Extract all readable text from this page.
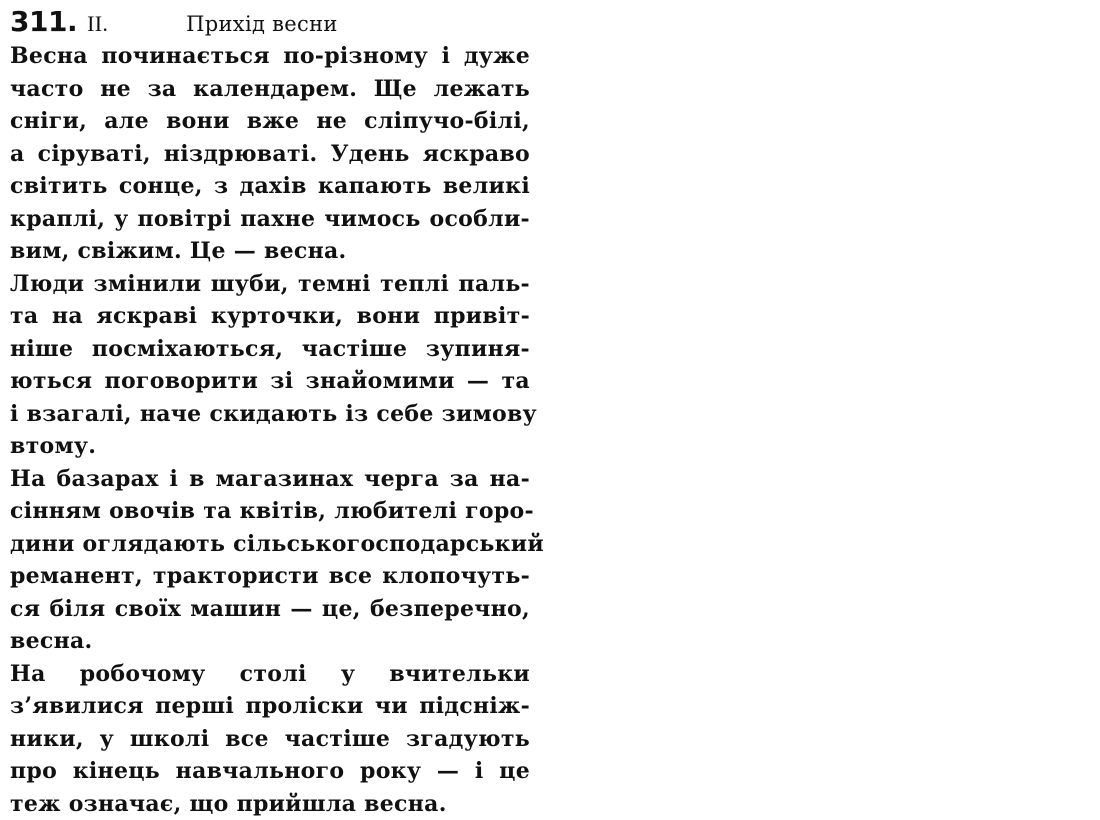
311. II.	Прихід весни
Весна починається по-різному і дуже
часто не за календарем. Ще лежать
сніги, але вони вже не сліпучо-білі,
а сіруваті, ніздрюваті. Удень яскраво
світить сонце, з дахів капають великі
краплі, у повітрі пахне чимось особли-
вим, свіжим. Це — весна.
Люди змінили шуби, темні теплі паль-
та на яскраві курточки, вони привіт-
ніше посміхаються, частіше зупиня-
ються поговорити зі знайомими — та
і взагалі, наче скидають із себе зимову
втому.
На базарах і в магазинах черга за на-
сінням овочів та квітів, любителі горо-
дини оглядають сільськогосподарський
реманент, трактористи все клопочуть-
ся біля своїх машин — це, безперечно,
весна.
На робочому столі у вчительки
з’явилися перші проліски чи підсніж-
ники, у школі все частіше згадують
про кінець навчального року — і це
теж означає, що прийшла весна.
